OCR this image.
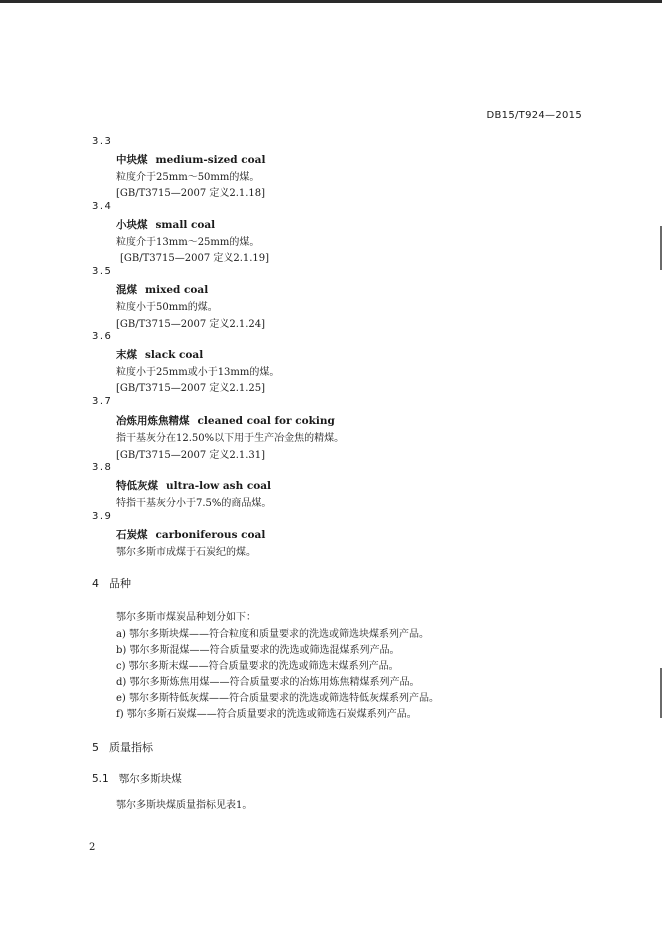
DB15/T924—2015
3.3
中块煤 medium-sized coal
粒度介于25mm～50mm的煤。
[GB/T3715—2007 定义2.1.18]
3.4
小块煤 small coal
粒度介于13mm～25mm的煤。
[GB/T3715—2007 定义2.1.19]
3.5
混煤 mixed coal
粒度小于50mm的煤。
[GB/T3715—2007 定义2.1.24]
3.6
末煤 slack coal
粒度小于25mm或小于13mm的煤。
[GB/T3715—2007 定义2.1.25]
3.7
冶炼用炼焦精煤 cleaned coal for coking
指干基灰分在12.50%以下用于生产冶金焦的精煤。
[GB/T3715—2007 定义2.1.31]
3.8
特低灰煤 ultra-low ash coal
特指干基灰分小于7.5%的商品煤。
3.9
石炭煤 carboniferous coal
鄂尔多斯市成煤于石炭纪的煤。
4 品种
鄂尔多斯市煤炭品种划分如下：
a) 鄂尔多斯块煤——符合粒度和质量要求的洗选或筛选块煤系列产品。
b) 鄂尔多斯混煤——符合质量要求的洗选或筛选混煤系列产品。
c) 鄂尔多斯末煤——符合质量要求的洗选或筛选末煤系列产品。
d) 鄂尔多斯炼焦用煤——符合质量要求的冶炼用炼焦精煤系列产品。
e) 鄂尔多斯特低灰煤——符合质量要求的洗选或筛选特低灰煤系列产品。
f) 鄂尔多斯石炭煤——符合质量要求的洗选或筛选石炭煤系列产品。
5 质量指标
5.1 鄂尔多斯块煤
鄂尔多斯块煤质量指标见表1。
2
